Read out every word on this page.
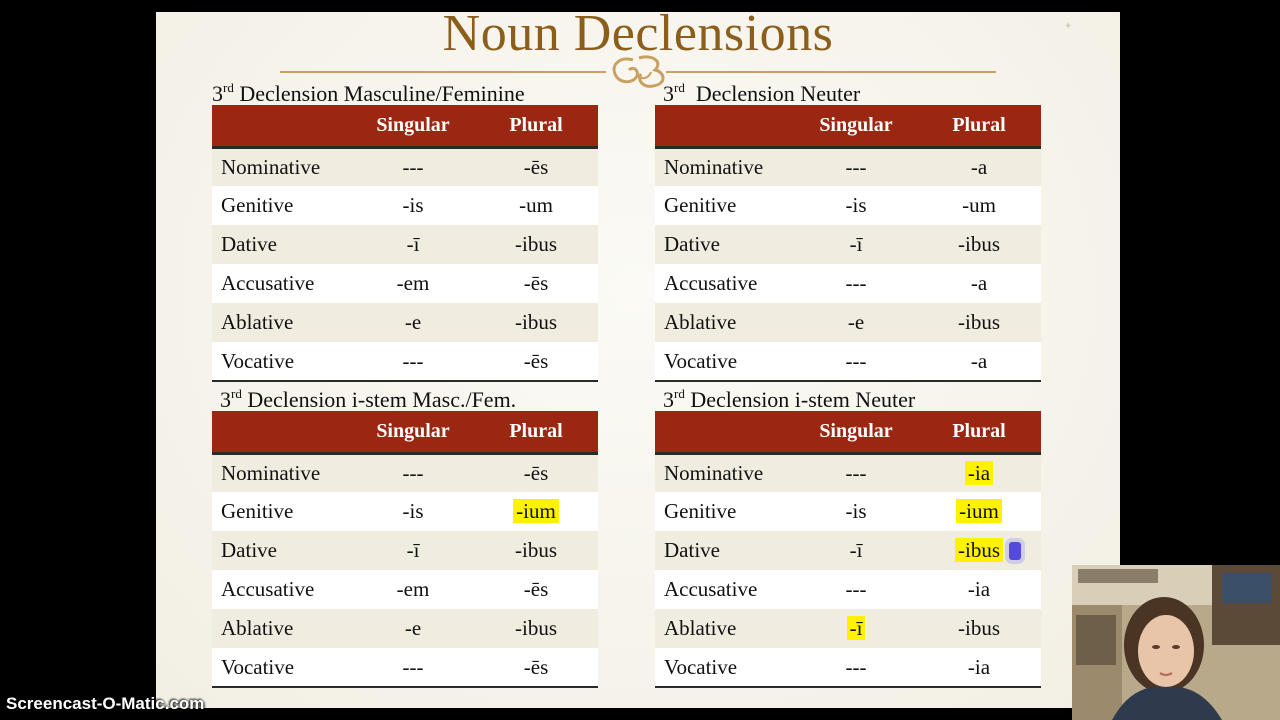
Noun Declensions	✦
3rd Declension Masculine/Feminine
	Singular	Plural
Nominative	---	-ēs
Genitive	-is	-um
Dative	-ī	-ibus
Accusative	-em	-ēs
Ablative	-e	-ibus
Vocative	---	-ēs
3rd  Declension Neuter
	Singular	Plural
Nominative	---	-a
Genitive	-is	-um
Dative	-ī	-ibus
Accusative	---	-a
Ablative	-e	-ibus
Vocative	---	-a
3rd Declension i-stem Masc./Fem.
	Singular	Plural
Nominative	---	-ēs
Genitive	-is	-ium
Dative	-ī	-ibus
Accusative	-em	-ēs
Ablative	-e	-ibus
Vocative	---	-ēs
3rd Declension i-stem Neuter
	Singular	Plural
Nominative	---	-ia
Genitive	-is	-ium
Dative	-ī	-ibus
Accusative	---	-ia
Ablative	-ī	-ibus
Vocative	---	-ia
Screencast-O-Matic.com
